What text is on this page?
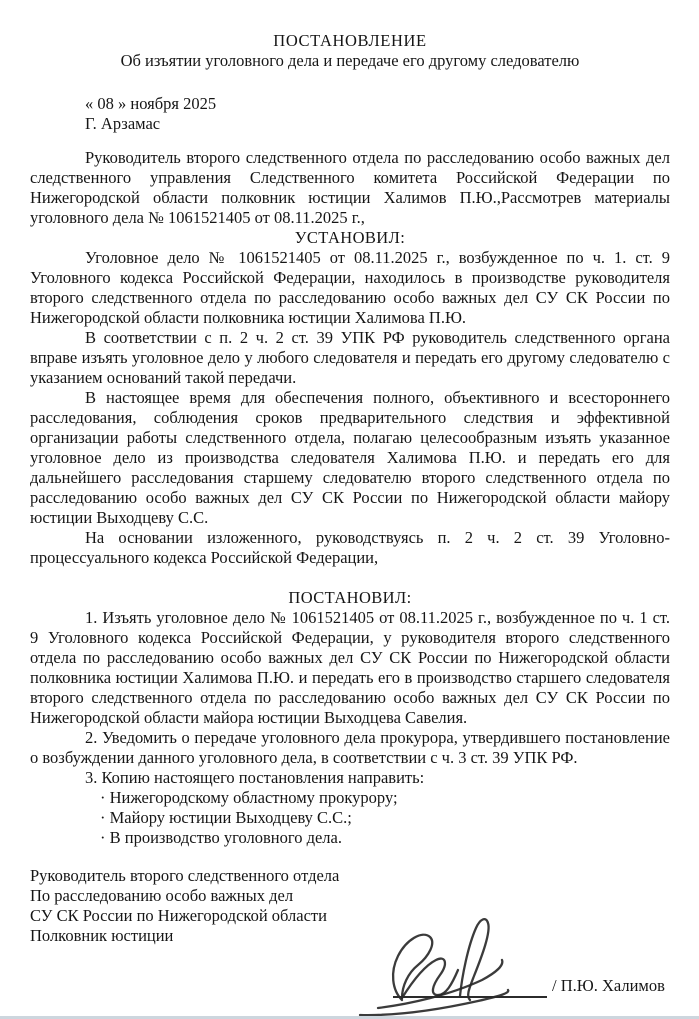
ПОСТАНОВЛЕНИЕ
Об изъятии уголовного дела и передаче его другому следователю
« 08 » ноября 2025
Г. Арзамас

Руководитель второго следственного отдела по расследованию особо важных дел следственного управления Следственного комитета Российской Федерации по Нижегородской области полковник юстиции Халимов П.Ю.,Рассмотрев материалы уголовного дела № 1061521405 от 08.11.2025 г.,

УСТАНОВИЛ:

Уголовное дело № 1061521405 от 08.11.2025 г., возбужденное по ч. 1. ст. 9 Уголовного кодекса Российской Федерации, находилось в производстве руководителя второго следственного отдела по расследованию особо важных дел СУ СК России по Нижегородской области полковника юстиции Халимова П.Ю.

В соответствии с п. 2 ч. 2 ст. 39 УПК РФ руководитель следственного органа вправе изъять уголовное дело у любого следователя и передать его другому следователю с указанием оснований такой передачи.

В настоящее время для обеспечения полного, объективного и всестороннего расследования, соблюдения сроков предварительного следствия и эффективной организации работы следственного отдела, полагаю целесообразным изъять указанное уголовное дело из производства следователя Халимова П.Ю. и передать его для дальнейшего расследования старшему следователю второго следственного отдела по расследованию особо важных дел СУ СК России по Нижегородской области майору юстиции Выходцеву С.С.

На основании изложенного, руководствуясь п. 2 ч. 2 ст. 39 Уголовно-процессуального кодекса Российской Федерации,

ПОСТАНОВИЛ:

1. Изъять уголовное дело № 1061521405 от 08.11.2025 г., возбужденное по ч. 1 ст. 9 Уголовного кодекса Российской Федерации, у руководителя второго следственного отдела по расследованию особо важных дел СУ СК России по Нижегородской области полковника юстиции Халимова П.Ю. и передать его в производство старшего следователя второго следственного отдела по расследованию особо важных дел СУ СК России по Нижегородской области майора юстиции Выходцева Савелия.

2. Уведомить о передаче уголовного дела прокурора, утвердившего постановление о возбуждении данного уголовного дела, в соответствии с ч. 3 ст. 39 УПК РФ.

3. Копию настоящего постановления направить:

· Нижегородскому областному прокурору;
· Майору юстиции Выходцеву С.С.;
· В производство уголовного дела.
Руководитель второго следственного отдела
По расследованию особо важных дел
СУ СК России по Нижегородской области
Полковник юстиции
/ П.Ю. Халимов
